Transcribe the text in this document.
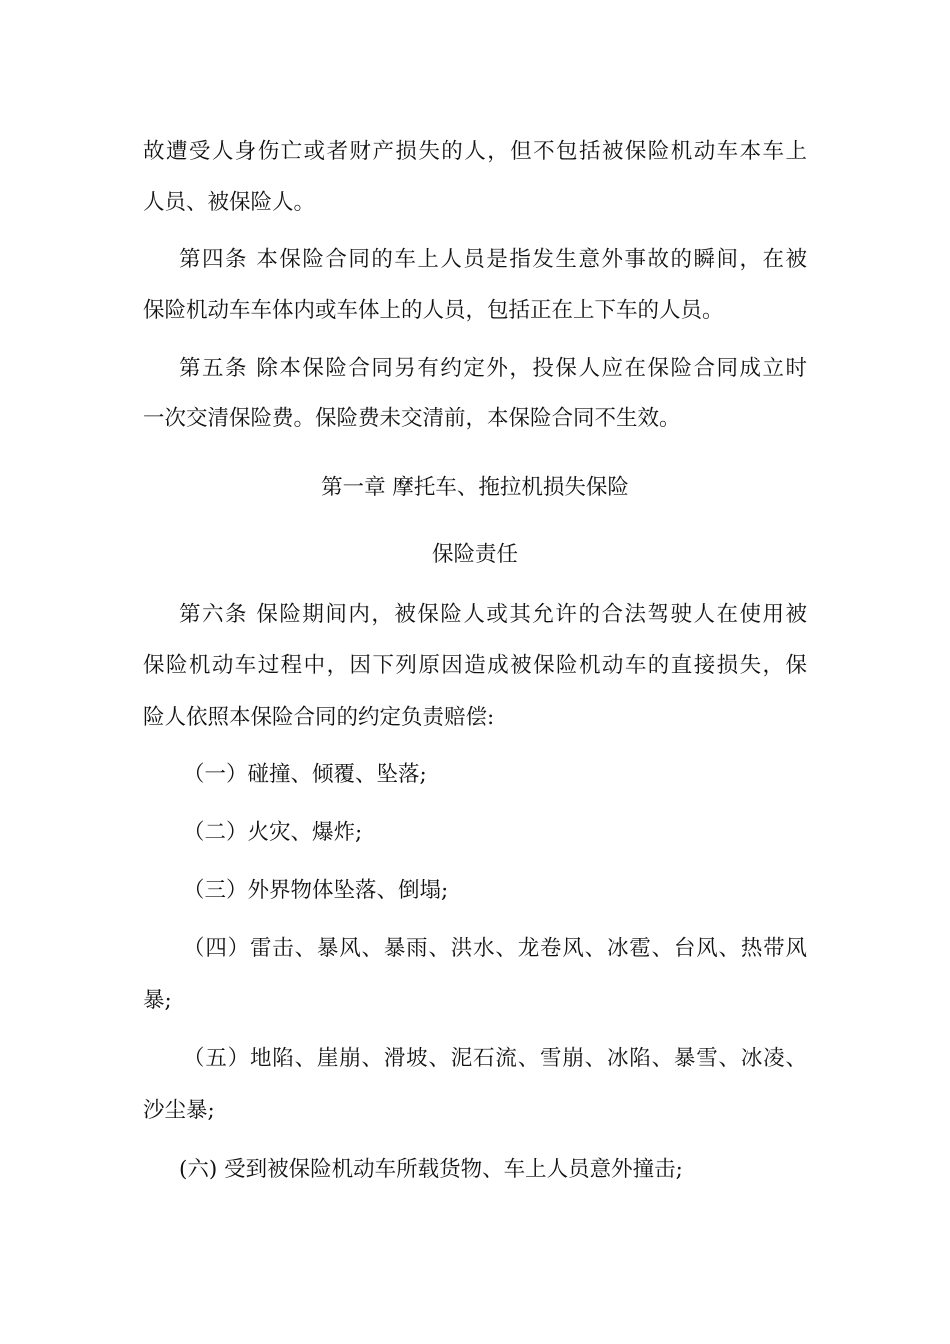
故遭受人身伤亡或者财产损失的人，但不包括被保险机动车本车上
人员、被保险人。
第四条 本保险合同的车上人员是指发生意外事故的瞬间，在被
保险机动车车体内或车体上的人员，包括正在上下车的人员。
第五条 除本保险合同另有约定外，投保人应在保险合同成立时
一次交清保险费。保险费未交清前，本保险合同不生效。
第一章 摩托车、拖拉机损失保险
保险责任
第六条 保险期间内，被保险人或其允许的合法驾驶人在使用被
保险机动车过程中，因下列原因造成被保险机动车的直接损失，保
险人依照本保险合同的约定负责赔偿:
（一）碰撞、倾覆、坠落;
（二）火灾、爆炸;
（三）外界物体坠落、倒塌;
（四）雷击、暴风、暴雨、洪水、龙卷风、冰雹、台风、热带风
暴;
（五）地陷、崖崩、滑坡、泥石流、雪崩、冰陷、暴雪、冰凌、
沙尘暴;
(六) 受到被保险机动车所载货物、车上人员意外撞击;
